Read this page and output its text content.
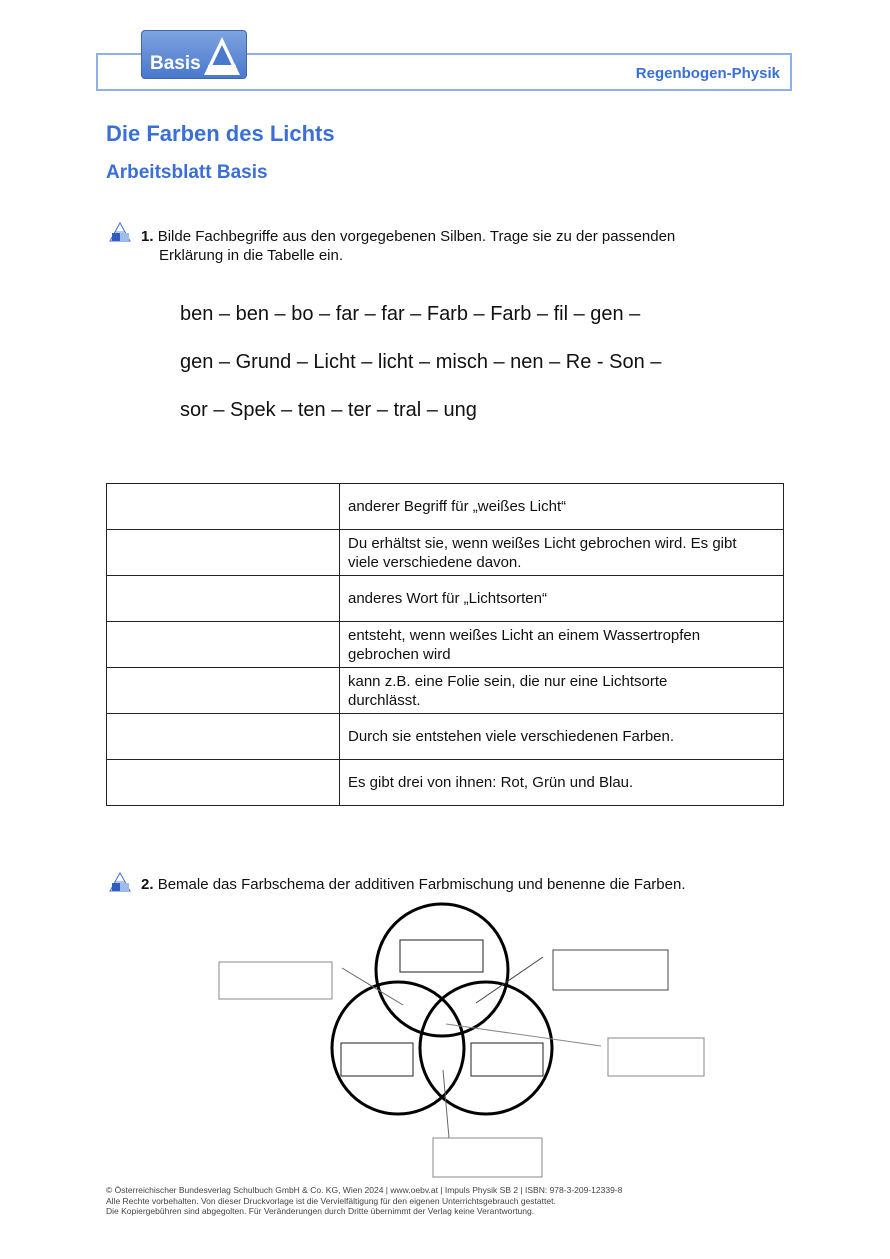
Regenbogen-Physik
Basis
Die Farben des Lichts
Arbeitsblatt Basis
1. Bilde Fachbegriffe aus den vorgegebenen Silben. Trage sie zu der passenden
Erklärung in die Tabelle ein.
ben – ben – bo – far – far – Farb – Farb – fil – gen –
gen – Grund – Licht – licht – misch – nen – Re - Son –
sor – Spek – ten – ter – tral – ung
	anderer Begriff für „weißes Licht“

	Du erhältst sie, wenn weißes Licht gebrochen wird. Es gibt
viele verschiedene davon.
	anderes Wort für „Lichtsorten“

	entsteht, wenn weißes Licht an einem Wassertropfen
gebrochen wird
	kann z.B. eine Folie sein, die nur eine Lichtsorte
durchlässt.
	Durch sie entstehen viele verschiedenen Farben.

	Es gibt drei von ihnen: Rot, Grün und Blau.

2. Bemale das Farbschema der additiven Farbmischung und benenne die Farben.
© Österreichischer Bundesverlag Schulbuch GmbH & Co. KG, Wien 2024 | www.oebv.at | Impuls Physik SB 2 | ISBN: 978-3-209-12339-8
Alle Rechte vorbehalten. Von dieser Druckvorlage ist die Vervielfältigung für den eigenen Unterrichtsgebrauch gestattet.
Die Kopiergebühren sind abgegolten. Für Veränderungen durch Dritte übernimmt der Verlag keine Verantwortung.
